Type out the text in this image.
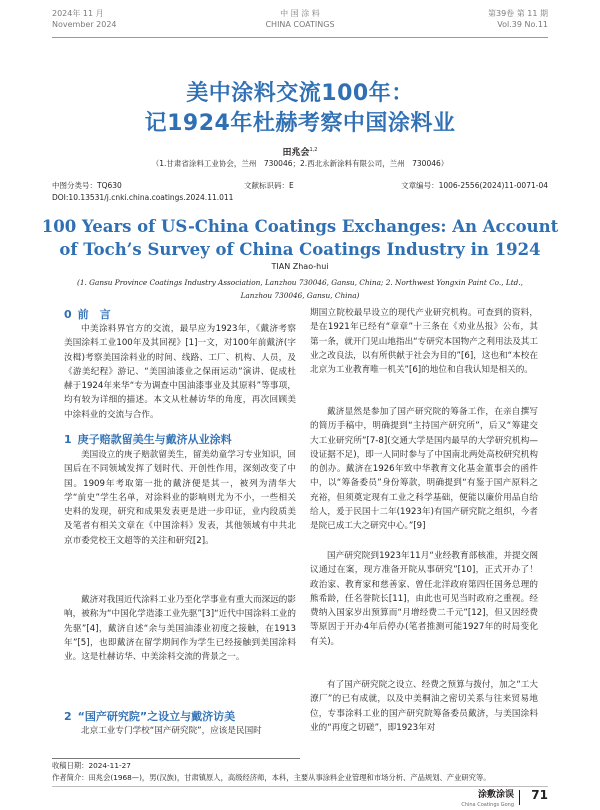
2024年 11 月
November 2024
中 国 涂 料
CHINA COATINGS
第39卷 第 11 期
Vol.39 No.11
美中涂料交流100年：
记1924年杜赫考察中国涂料业
田兆会$^{1,2}$
（1.甘肃省涂料工业协会，兰州　730046；2.西北永新涂料有限公司，兰州　730046）
中图分类号：TQ630	文献标识码：E	文章编号：1006-2556(2024)11-0071-04
DOI:10.13531/j.cnki.china.coatings.2024.11.011
100 Years of US-China Coatings Exchanges: An Account
of Toch’s Survey of China Coatings Industry in 1924
TIAN Zhao-hui
(1. Gansu Province Coatings Industry Association, Lanzhou 730046, Gansu, China; 2. Northwest Yongxin Paint Co., Ltd.,
Lanzhou 730046, Gansu, China)
0 前　言
中美涂料界官方的交流，最早应为1923年，《戴济考察美国涂料工业100年及其回视》[1]一文，对100年前戴济(字汝楫)考察美国涂料业的时间、线路、工厂、机构、人员，及《游美纪程》游记、“美国油漆业之保雨运动”演讲、促成杜赫于1924年来华“专为调查中国油漆事业及其原料”等事项，均有较为详细的描述。本文从杜赫访华的角度，再次回顾美中涂料业的交流与合作。
1 庚子赔款留美生与戴济从业涂料
美国设立的庚子赔款留美生，留美幼童学习专业知识，回国后在不同领域发挥了划时代、开创性作用，深刻改变了中国。1909年考取第一批的戴济便是其一，被列为清华大学“前史”学生名单，对涂料业的影响则尤为不小，一些相关史料的发现，研究和成果发表更是进一步印证，业内段质美及笔者有相关文章在《中国涂料》发表，其他领域有中共北京市委党校王文超等的关注和研究[2]。
戴济对我国近代涂料工业乃至化学事业有重大而深远的影响，被称为“中国化学造漆工业先驱”[3]“近代中国涂料工业的先驱”[4]，戴济自述“余与美国油漆业初度之接触，在1913年”[5]，也即戴济在留学期间作为学生已经接触到美国涂料业。这是杜赫访华、中美涂料交流的背景之一。
2 “国产研究院”之设立与戴济访美
北京工业专门学校“国产研究院”，应该是民国时
期国立院校最早设立的现代产业研究机构。可查到的资料，是在1921年已经有“章章”十三条在《劝业丛报》公布，其第一条，就开门见山地指出“专研究本国物产之利用法及其工业之改良法，以有所供献于社会为目的”[6]，这也和“本校在北京为工业教育唯一机关”[6]的地位和自我认知是相关的。
戴济显然是参加了国产研究院的筹备工作，在亲自撰写的简历手稿中，明确提到“主持国产研究所”，后又“筹建交大工业研究所”[7-8](交通大学是国内最早的大学研究机构—设证据不足)，即一人同时参与了中国南北两处高校研究机构的创办。戴济在1926年致中华教育文化基金董事会的函件中，以“筹备委员”身份筹款，明确提到“有鉴于国产原料之充裕，但须奠定现有工业之科学基础，便能以廉价用品自给给人，爰于民国十二年(1923年)有国产研究院之组织，今者是院已成工大之研究中心。”[9]
国产研究院到1923年11月“业经教育部核准，并提交阁议通过在案，现方准备开院从事研究”[10]，正式开办了！政治家、教育家和慈善家、曾任北洋政府第四任国务总理的熊希龄，任名誉院长[11]，由此也可见当时政府之重视。经费纳入国家岁出预算而“月增经费二千元”[12]，但又因经费等原因于开办4年后停办(笔者推测可能1927年的时局变化有关)。
有了国产研究院之设立、经费之预算与拨付，加之“工大潦厂”的已有成就，以及中美桐油之密切关系与往来贸易地位，专事涂料工业的国产研究院筹备委员戴济，与美国涂料业的“再度之切磋”，即1923年对
收稿日期：2024-11-27
作者简介：田兆会(1968—)，男(汉族)，甘肃镇原人，高级经济师，本科，主要从事涂料企业管理和市场分析、产品规划、产业研究等。
涂敷涂误
China Coatings Gong
71
